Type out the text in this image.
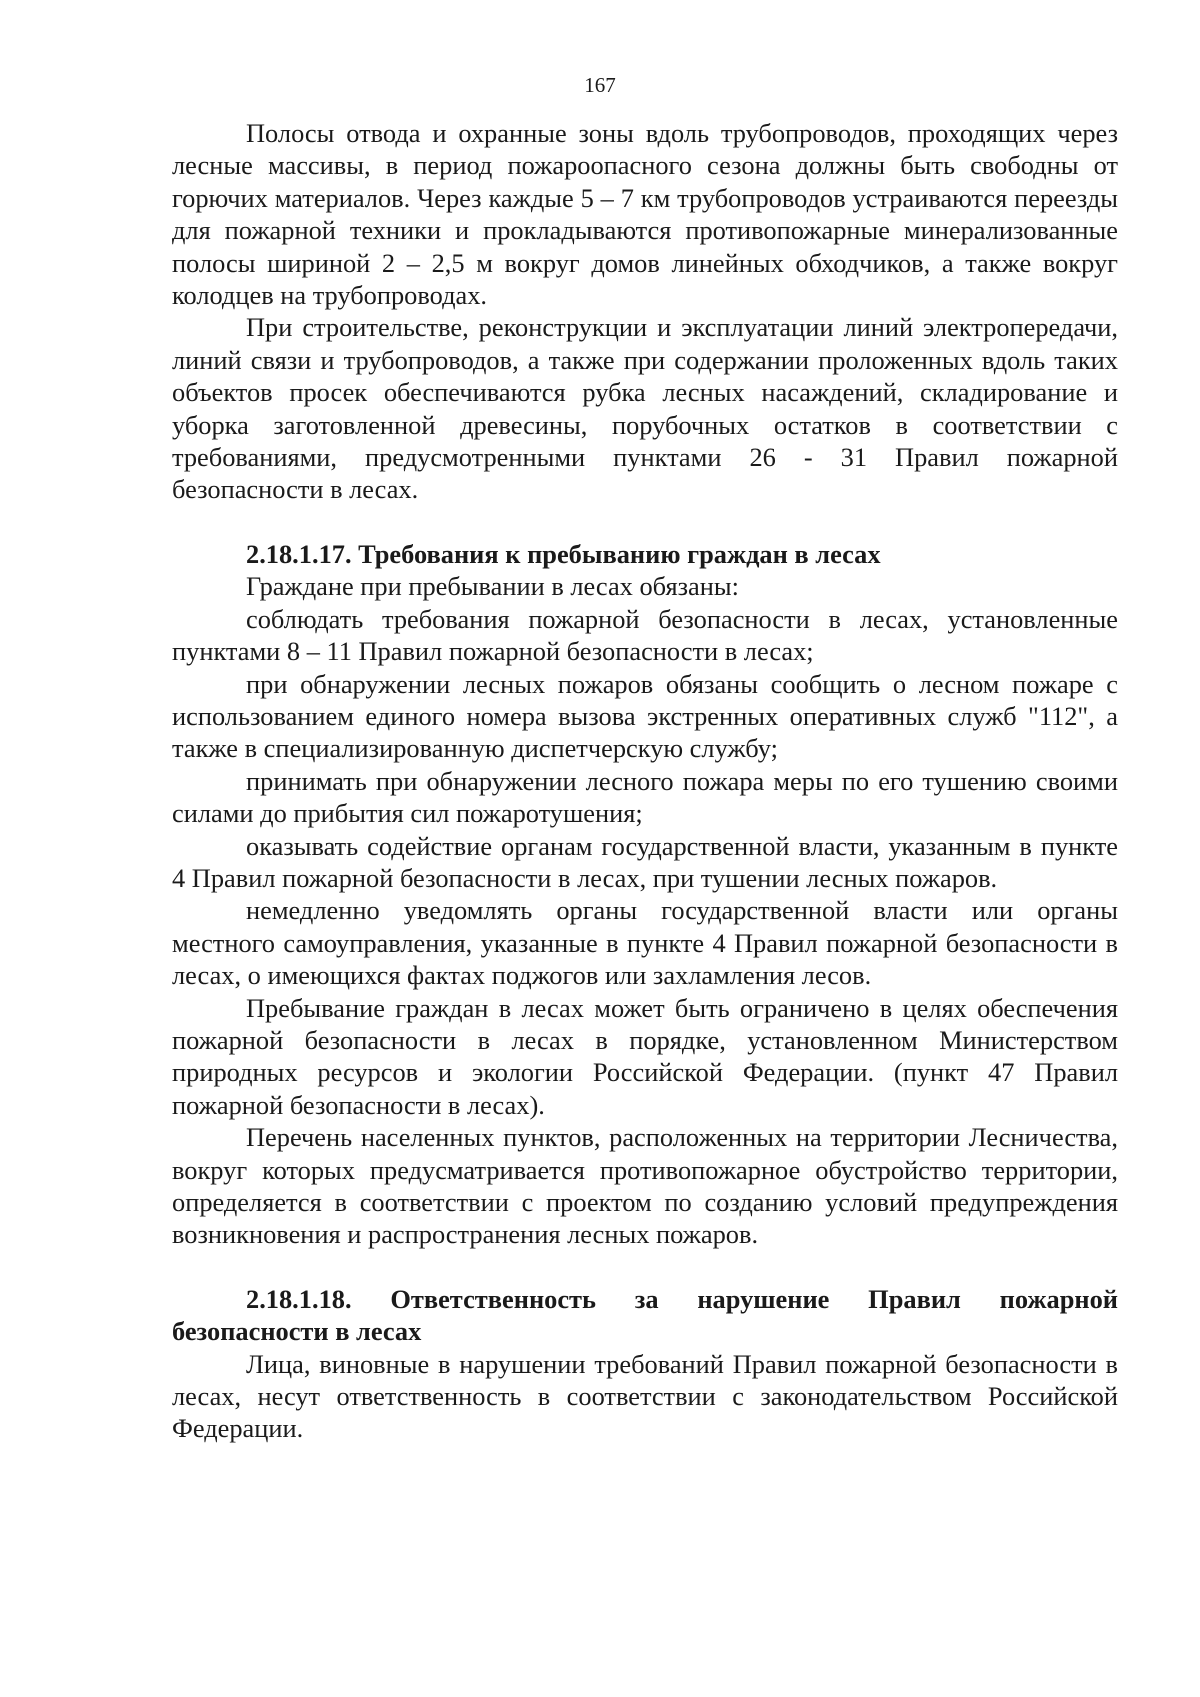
167

Полосы отвода и охранные зоны вдоль трубопроводов, проходящих через лесные массивы, в период пожароопасного сезона должны быть свободны от горючих материалов. Через каждые 5 – 7 км трубопроводов устраиваются переезды для пожарной техники и прокладываются противопожарные минерализованные полосы шириной 2 – 2,5 м вокруг домов линейных обходчиков, а также вокруг колодцев на трубопроводах.

При строительстве, реконструкции и эксплуатации линий электропередачи, линий связи и трубопроводов, а также при содержании проложенных вдоль таких объектов просек обеспечиваются рубка лесных насаждений, складирование и уборка заготовленной древесины, порубочных остатков в соответствии с требованиями, предусмотренными пунктами 26 - 31 Правил пожарной безопасности в лесах.

2.18.1.17. Требования к пребыванию граждан в лесах

Граждане при пребывании в лесах обязаны:

соблюдать требования пожарной безопасности в лесах, установленные пунктами 8 – 11 Правил пожарной безопасности в лесах;

при обнаружении лесных пожаров обязаны сообщить о лесном пожаре с использованием единого номера вызова экстренных оперативных служб "112", а также в специализированную диспетчерскую службу;

принимать при обнаружении лесного пожара меры по его тушению своими силами до прибытия сил пожаротушения;

оказывать содействие органам государственной власти, указанным в пункте 4 Правил пожарной безопасности в лесах, при тушении лесных пожаров.

немедленно уведомлять органы государственной власти или органы местного самоуправления, указанные в пункте 4 Правил пожарной безопасности в лесах, о имеющихся фактах поджогов или захламления лесов.

Пребывание граждан в лесах может быть ограничено в целях обеспечения пожарной безопасности в лесах в порядке, установленном Министерством природных ресурсов и экологии Российской Федерации. (пункт 47 Правил пожарной безопасности в лесах).

Перечень населенных пунктов, расположенных на территории Лесничества, вокруг которых предусматривается противопожарное обустройство территории, определяется в соответствии с проектом по созданию условий предупреждения возникновения и распространения лесных пожаров.

2.18.1.18. Ответственность за нарушение Правил пожарной безопасности в лесах

Лица, виновные в нарушении требований Правил пожарной безопасности в лесах, несут ответственность в соответствии с законодательством Российской Федерации.
